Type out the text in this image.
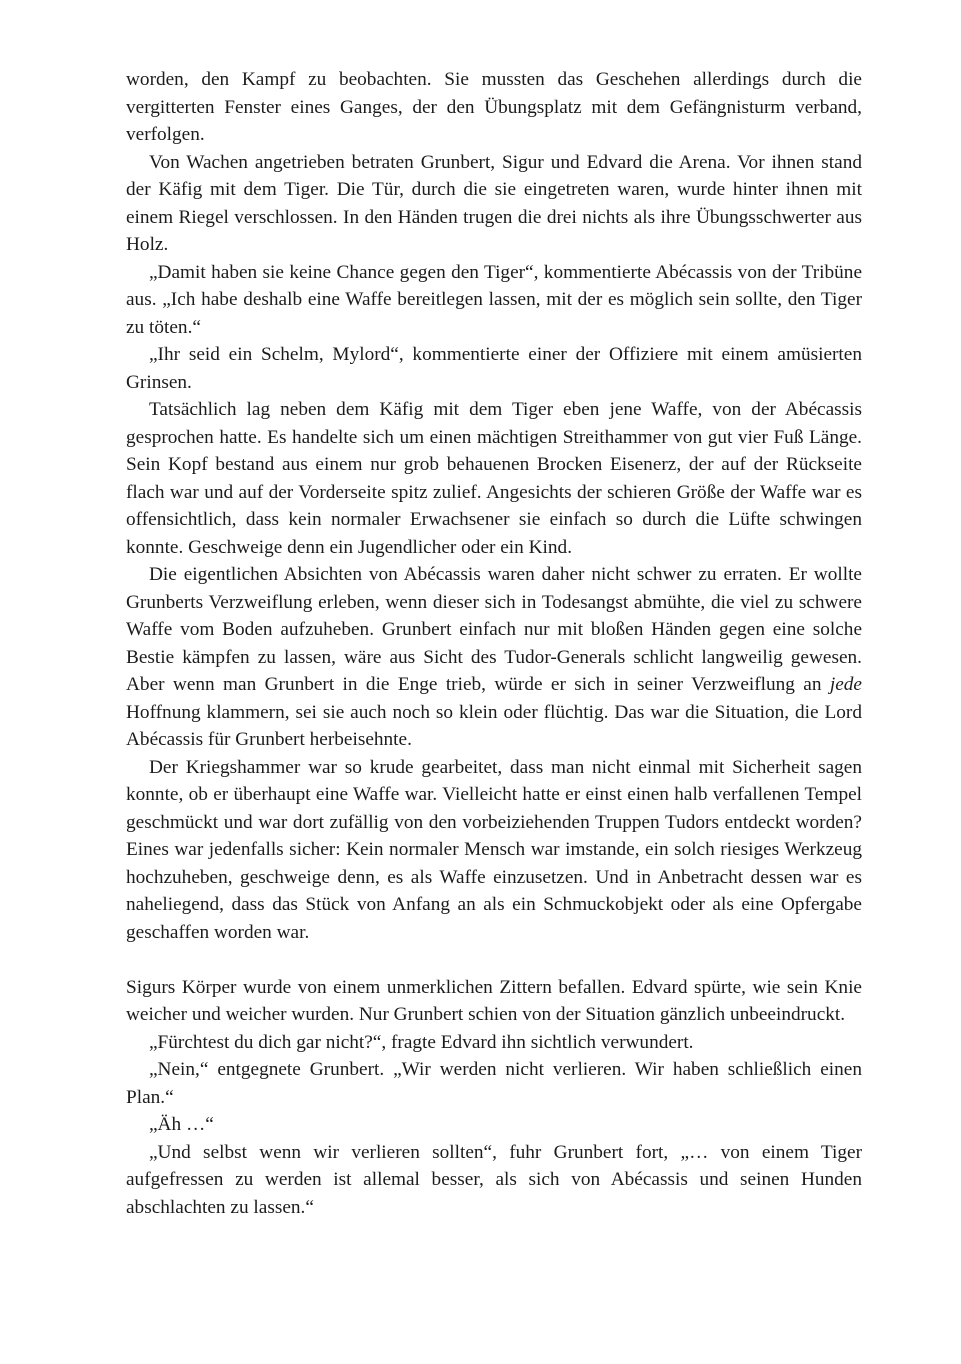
worden, den Kampf zu beobachten. Sie mussten das Geschehen allerdings durch die vergitterten Fenster eines Ganges, der den Übungsplatz mit dem Gefängnisturm verband, verfolgen.

Von Wachen angetrieben betraten Grunbert, Sigur und Edvard die Arena. Vor ihnen stand der Käfig mit dem Tiger. Die Tür, durch die sie eingetreten waren, wurde hinter ihnen mit einem Riegel verschlossen. In den Händen trugen die drei nichts als ihre Übungsschwerter aus Holz.

„Damit haben sie keine Chance gegen den Tiger“, kommentierte Abécassis von der Tribüne aus. „Ich habe deshalb eine Waffe bereitlegen lassen, mit der es möglich sein sollte, den Tiger zu töten.“

„Ihr seid ein Schelm, Mylord“, kommentierte einer der Offiziere mit einem amüsierten Grinsen.

Tatsächlich lag neben dem Käfig mit dem Tiger eben jene Waffe, von der Abécassis gesprochen hatte. Es handelte sich um einen mächtigen Streithammer von gut vier Fuß Länge. Sein Kopf bestand aus einem nur grob behauenen Brocken Eisenerz, der auf der Rückseite flach war und auf der Vorderseite spitz zulief. Angesichts der schieren Größe der Waffe war es offensichtlich, dass kein normaler Erwachsener sie einfach so durch die Lüfte schwingen konnte. Geschweige denn ein Jugendlicher oder ein Kind.

Die eigentlichen Absichten von Abécassis waren daher nicht schwer zu erraten. Er wollte Grunberts Verzweiflung erleben, wenn dieser sich in Todesangst abmühte, die viel zu schwere Waffe vom Boden aufzuheben. Grunbert einfach nur mit bloßen Händen gegen eine solche Bestie kämpfen zu lassen, wäre aus Sicht des Tudor-Generals schlicht langweilig gewesen. Aber wenn man Grunbert in die Enge trieb, würde er sich in seiner Verzweiflung an jede Hoffnung klammern, sei sie auch noch so klein oder flüchtig. Das war die Situation, die Lord Abécassis für Grunbert herbeisehnte.

Der Kriegshammer war so krude gearbeitet, dass man nicht einmal mit Sicherheit sagen konnte, ob er überhaupt eine Waffe war. Vielleicht hatte er einst einen halb verfallenen Tempel geschmückt und war dort zufällig von den vorbeiziehenden Truppen Tudors entdeckt worden? Eines war jedenfalls sicher: Kein normaler Mensch war imstande, ein solch riesiges Werkzeug hochzuheben, geschweige denn, es als Waffe einzusetzen. Und in Anbetracht dessen war es naheliegend, dass das Stück von Anfang an als ein Schmuckobjekt oder als eine Opfergabe geschaffen worden war.

Sigurs Körper wurde von einem unmerklichen Zittern befallen. Edvard spürte, wie sein Knie weicher und weicher wurden. Nur Grunbert schien von der Situation gänzlich unbeeindruckt.

„Fürchtest du dich gar nicht?“, fragte Edvard ihn sichtlich verwundert.

„Nein,“ entgegnete Grunbert. „Wir werden nicht verlieren. Wir haben schließlich einen Plan.“

„Äh …“

„Und selbst wenn wir verlieren sollten“, fuhr Grunbert fort, „… von einem Tiger aufgefressen zu werden ist allemal besser, als sich von Abécassis und seinen Hunden abschlachten zu lassen.“
